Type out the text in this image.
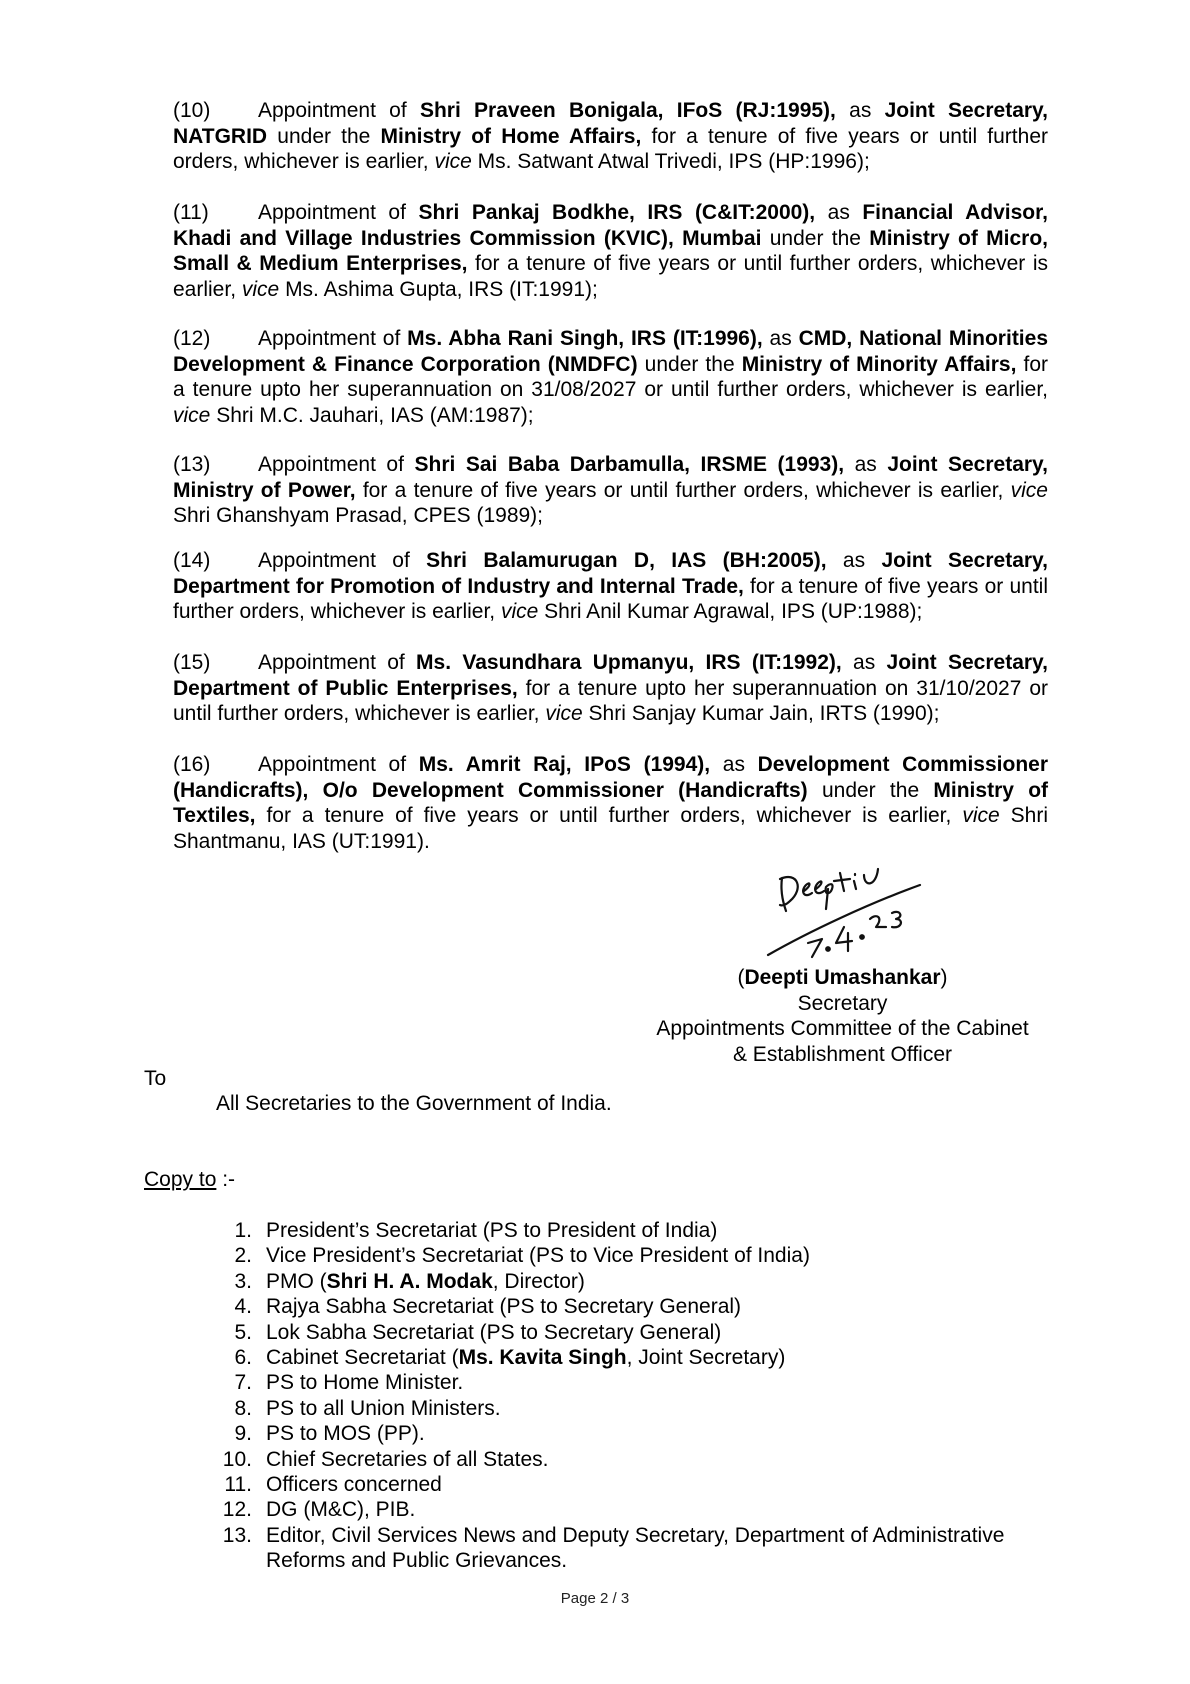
(10) Appointment of Shri Praveen Bonigala, IFoS (RJ:1995), as Joint Secretary, NATGRID under the Ministry of Home Affairs, for a tenure of five years or until further orders, whichever is earlier, vice Ms. Satwant Atwal Trivedi, IPS (HP:1996);
(11) Appointment of Shri Pankaj Bodkhe, IRS (C&IT:2000), as Financial Advisor, Khadi and Village Industries Commission (KVIC), Mumbai under the Ministry of Micro, Small & Medium Enterprises, for a tenure of five years or until further orders, whichever is earlier, vice Ms. Ashima Gupta, IRS (IT:1991);
(12) Appointment of Ms. Abha Rani Singh, IRS (IT:1996), as CMD, National Minorities Development & Finance Corporation (NMDFC) under the Ministry of Minority Affairs, for a tenure upto her superannuation on 31/08/2027 or until further orders, whichever is earlier, vice Shri M.C. Jauhari, IAS (AM:1987);
(13) Appointment of Shri Sai Baba Darbamulla, IRSME (1993), as Joint Secretary, Ministry of Power, for a tenure of five years or until further orders, whichever is earlier, vice Shri Ghanshyam Prasad, CPES (1989);
(14) Appointment of Shri Balamurugan D, IAS (BH:2005), as Joint Secretary, Department for Promotion of Industry and Internal Trade, for a tenure of five years or until further orders, whichever is earlier, vice Shri Anil Kumar Agrawal, IPS (UP:1988);
(15) Appointment of Ms. Vasundhara Upmanyu, IRS (IT:1992), as Joint Secretary, Department of Public Enterprises, for a tenure upto her superannuation on 31/10/2027 or until further orders, whichever is earlier, vice Shri Sanjay Kumar Jain, IRTS (1990);
(16) Appointment of Ms. Amrit Raj, IPoS (1994), as Development Commissioner (Handicrafts), O/o Development Commissioner (Handicrafts) under the Ministry of Textiles, for a tenure of five years or until further orders, whichever is earlier, vice Shri Shantmanu, IAS (UT:1991).
(Deepti Umashankar)
Secretary
Appointments Committee of the Cabinet
& Establishment Officer
To
All Secretaries to the Government of India.
Copy to :-
1. President’s Secretariat (PS to President of India)
2. Vice President’s Secretariat (PS to Vice President of India)
3. PMO (Shri H. A. Modak, Director)
4. Rajya Sabha Secretariat (PS to Secretary General)
5. Lok Sabha Secretariat (PS to Secretary General)
6. Cabinet Secretariat (Ms. Kavita Singh, Joint Secretary)
7. PS to Home Minister.
8. PS to all Union Ministers.
9. PS to MOS (PP).
10. Chief Secretaries of all States.
11. Officers concerned
12. DG (M&C), PIB.
13. Editor, Civil Services News and Deputy Secretary, Department of Administrative Reforms and Public Grievances.
Page 2 / 3
